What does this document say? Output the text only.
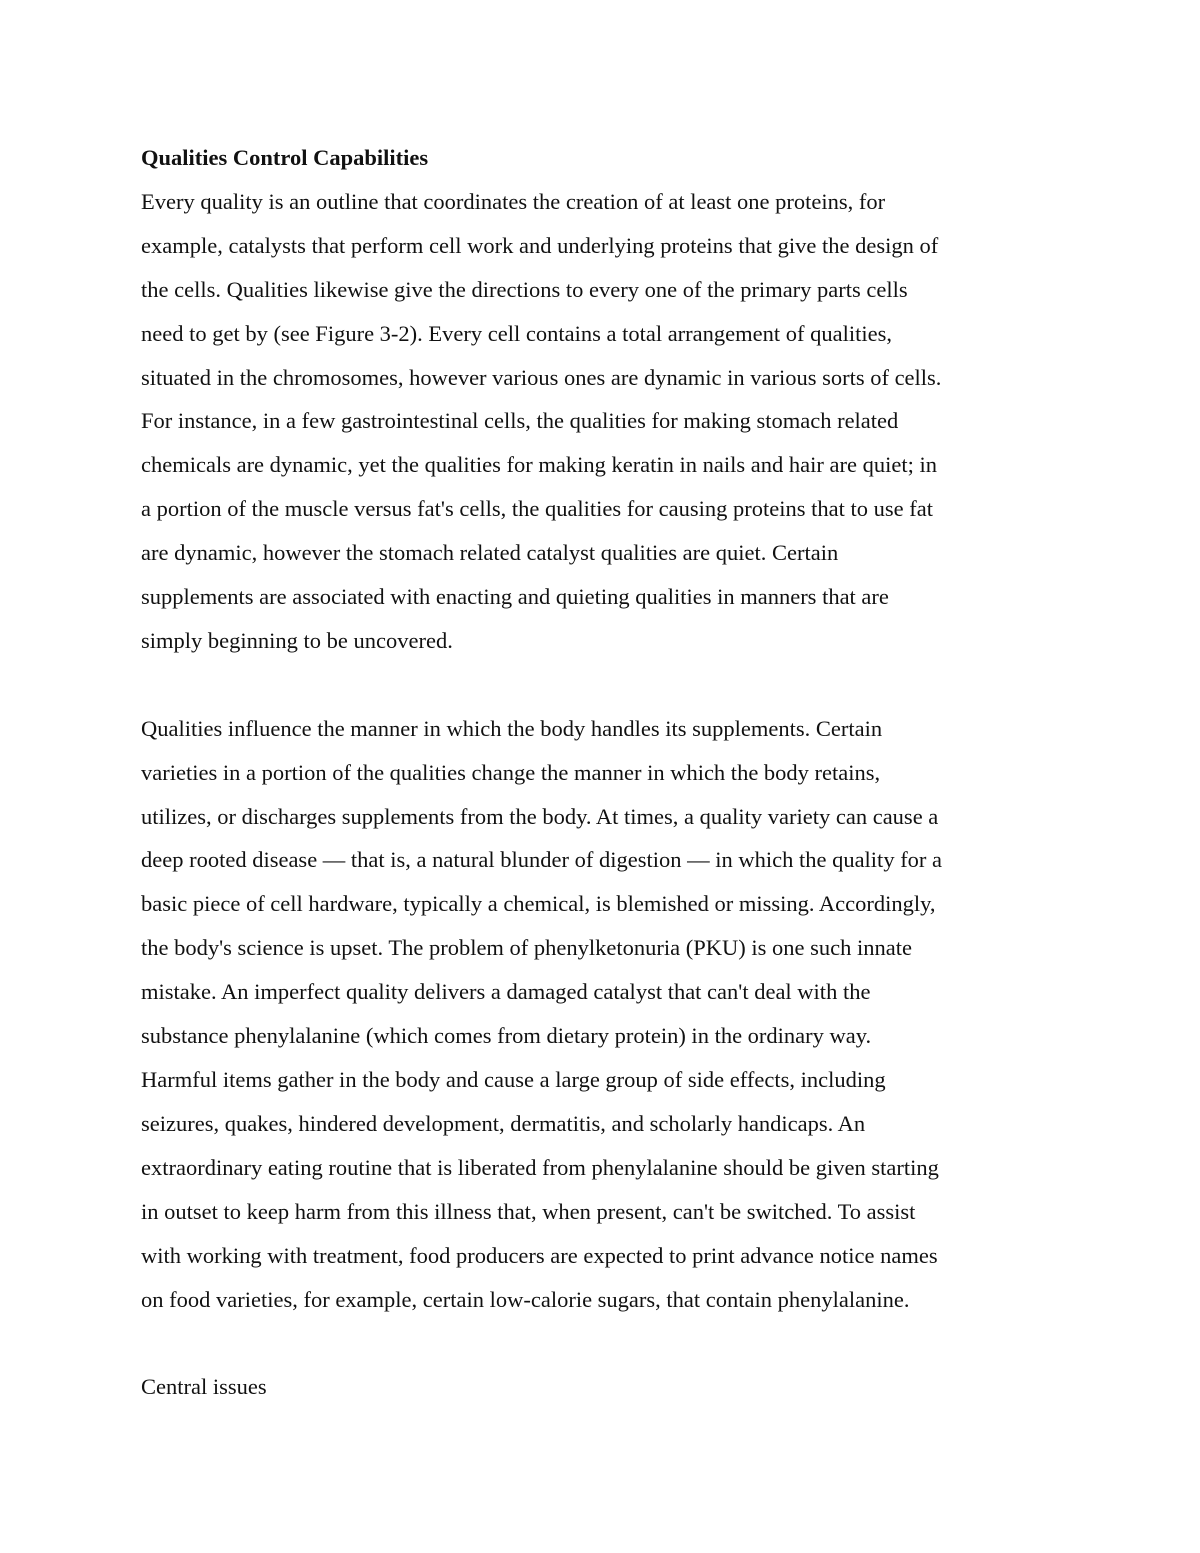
Qualities Control Capabilities

Every quality is an outline that coordinates the creation of at least one proteins, for

example, catalysts that perform cell work and underlying proteins that give the design of

the cells. Qualities likewise give the directions to every one of the primary parts cells

need to get by (see Figure 3-2). Every cell contains a total arrangement of qualities,

situated in the chromosomes, however various ones are dynamic in various sorts of cells.

For instance, in a few gastrointestinal cells, the qualities for making stomach related

chemicals are dynamic, yet the qualities for making keratin in nails and hair are quiet; in

a portion of the muscle versus fat's cells, the qualities for causing proteins that to use fat

are dynamic, however the stomach related catalyst qualities are quiet. Certain

supplements are associated with enacting and quieting qualities in manners that are

simply beginning to be uncovered.

Qualities influence the manner in which the body handles its supplements. Certain

varieties in a portion of the qualities change the manner in which the body retains,

utilizes, or discharges supplements from the body. At times, a quality variety can cause a

deep rooted disease — that is, a natural blunder of digestion — in which the quality for a

basic piece of cell hardware, typically a chemical, is blemished or missing. Accordingly,

the body's science is upset. The problem of phenylketonuria (PKU) is one such innate

mistake. An imperfect quality delivers a damaged catalyst that can't deal with the

substance phenylalanine (which comes from dietary protein) in the ordinary way.

Harmful items gather in the body and cause a large group of side effects, including

seizures, quakes, hindered development, dermatitis, and scholarly handicaps. An

extraordinary eating routine that is liberated from phenylalanine should be given starting

in outset to keep harm from this illness that, when present, can't be switched. To assist

with working with treatment, food producers are expected to print advance notice names

on food varieties, for example, certain low-calorie sugars, that contain phenylalanine.

Central issues
